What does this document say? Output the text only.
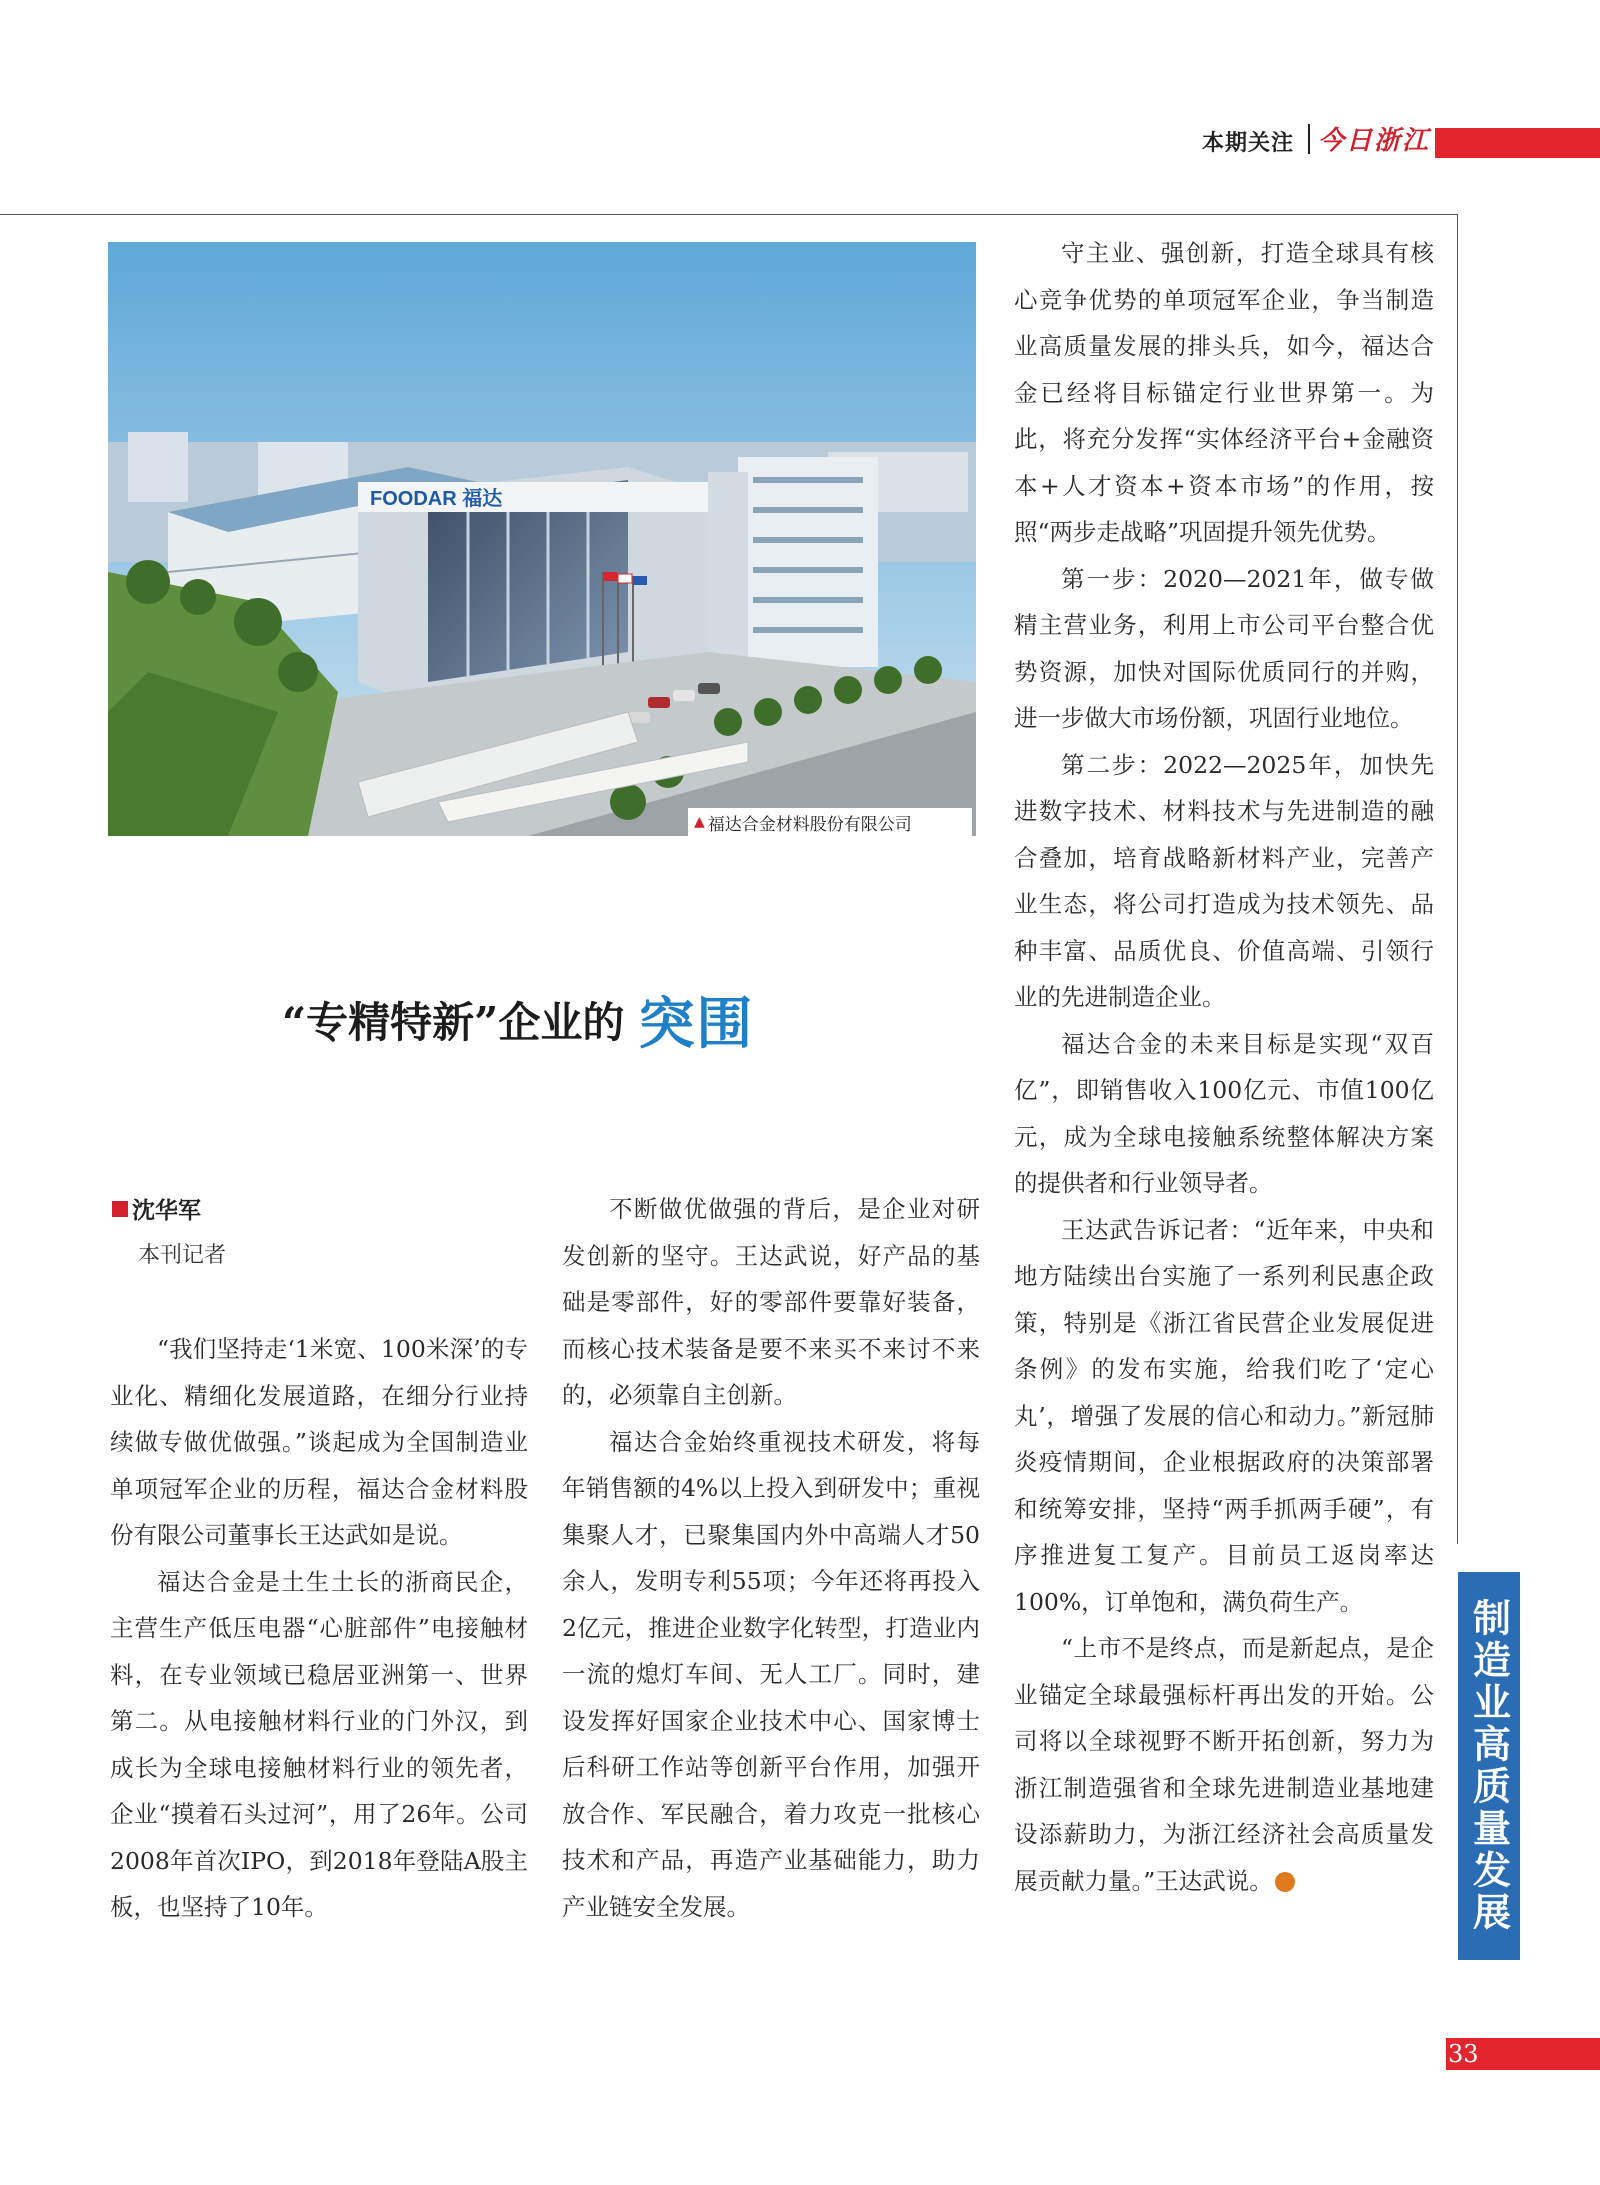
本期关注 今日浙江
FOODAR 福达
▲ 福达合金材料股份有限公司
“专精特新”企业的 突围
沈华军
本刊记者

“我们坚持走‘1米宽、100米深’的专业化、精细化发展道路，在细分行业持续做专做优做强。”谈起成为全国制造业单项冠军企业的历程，福达合金材料股份有限公司董事长王达武如是说。

福达合金是土生土长的浙商民企，主营生产低压电器“心脏部件”电接触材料，在专业领域已稳居亚洲第一、世界第二。从电接触材料行业的门外汉，到成长为全球电接触材料行业的领先者，企业“摸着石头过河”，用了26年。公司2008年首次IPO，到2018年登陆A股主板，也坚持了10年。

不断做优做强的背后，是企业对研发创新的坚守。王达武说，好产品的基础是零部件，好的零部件要靠好装备，而核心技术装备是要不来买不来讨不来的，必须靠自主创新。

福达合金始终重视技术研发，将每年销售额的4%以上投入到研发中；重视集聚人才，已聚集国内外中高端人才50余人，发明专利55项；今年还将再投入2亿元，推进企业数字化转型，打造业内一流的熄灯车间、无人工厂。同时，建设发挥好国家企业技术中心、国家博士后科研工作站等创新平台作用，加强开放合作、军民融合，着力攻克一批核心技术和产品，再造产业基础能力，助力产业链安全发展。

守主业、强创新，打造全球具有核心竞争优势的单项冠军企业，争当制造业高质量发展的排头兵，如今，福达合金已经将目标锚定行业世界第一。为此，将充分发挥“实体经济平台+金融资本+人才资本+资本市场”的作用，按照“两步走战略”巩固提升领先优势。

第一步：2020—2021年，做专做精主营业务，利用上市公司平台整合优势资源，加快对国际优质同行的并购，进一步做大市场份额，巩固行业地位。

第二步：2022—2025年，加快先进数字技术、材料技术与先进制造的融合叠加，培育战略新材料产业，完善产业生态，将公司打造成为技术领先、品种丰富、品质优良、价值高端、引领行业的先进制造企业。

福达合金的未来目标是实现“双百亿”，即销售收入100亿元、市值100亿元，成为全球电接触系统整体解决方案的提供者和行业领导者。

王达武告诉记者：“近年来，中央和地方陆续出台实施了一系列利民惠企政策，特别是《浙江省民营企业发展促进条例》的发布实施，给我们吃了‘定心丸’，增强了发展的信心和动力。”新冠肺炎疫情期间，企业根据政府的决策部署和统筹安排，坚持“两手抓两手硬”，有序推进复工复产。目前员工返岗率达100%，订单饱和，满负荷生产。

“上市不是终点，而是新起点，是企业锚定全球最强标杆再出发的开始。公司将以全球视野不断开拓创新，努力为浙江制造强省和全球先进制造业基地建设添薪助力，为浙江经济社会高质量发展贡献力量。”王达武说。	制造业高质量发展
33
